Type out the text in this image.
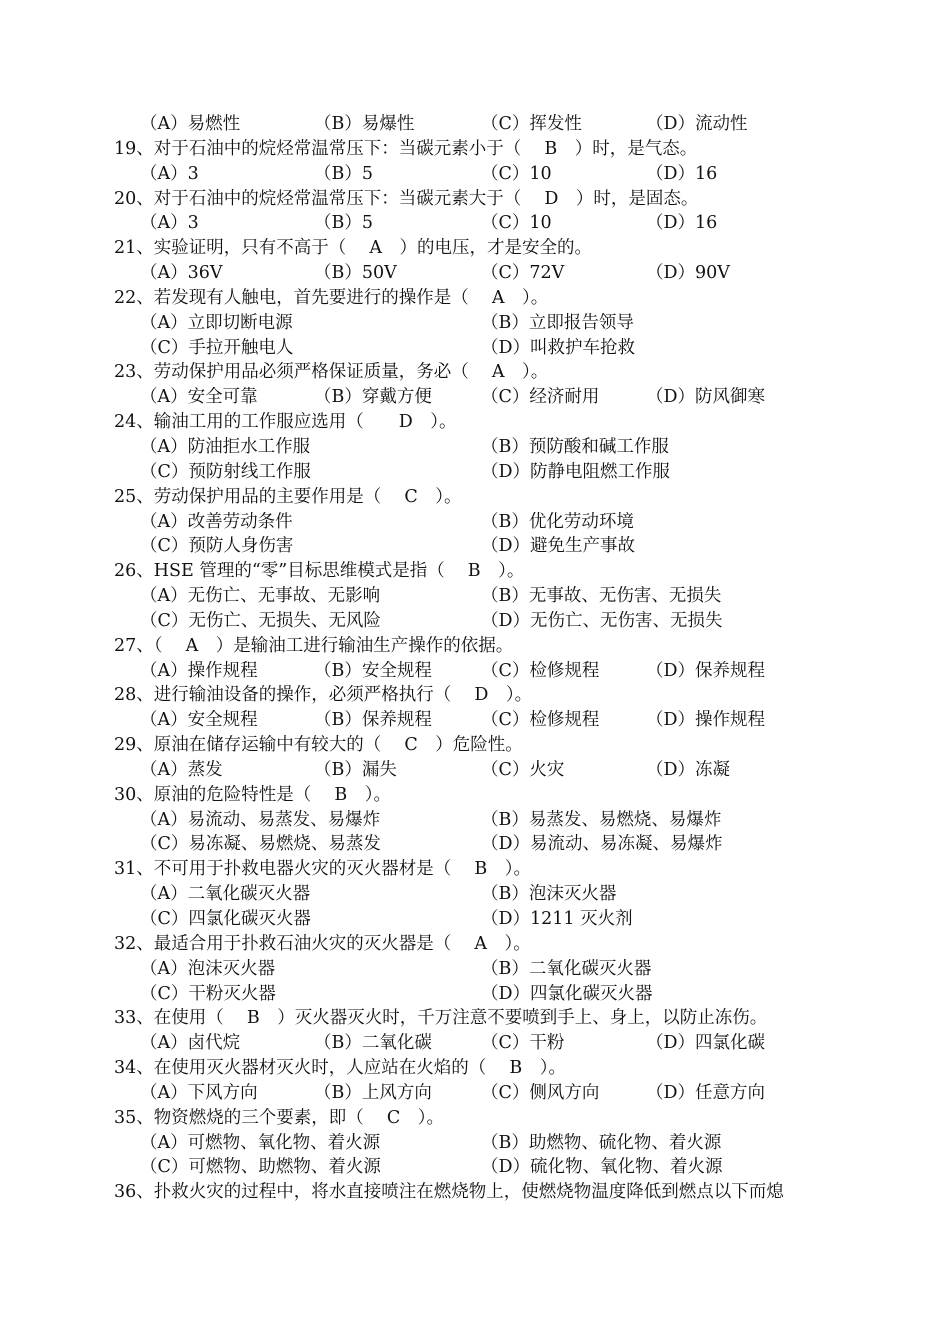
（A）易燃性	（B）易爆性	（C）挥发性	（D）流动性
19、对于石油中的烷烃常温常压下：当碳元素小于（　 B　）时，是气态。
（A）3	（B）5	（C）10	（D）16
20、对于石油中的烷烃常温常压下：当碳元素大于（　 D　）时，是固态。
（A）3	（B）5	（C）10	（D）16
21、实验证明，只有不高于（　 A　）的电压，才是安全的。
（A）36V	（B）50V	（C）72V	（D）90V
22、若发现有人触电，首先要进行的操作是（　 A　）。
（A）立即切断电源	（B）立即报告领导
（C）手拉开触电人	（D）叫救护车抢救
23、劳动保护用品必须严格保证质量，务必（　 A　）。
（A）安全可靠	（B）穿戴方便	（C）经济耐用	（D）防风御寒
24、输油工用的工作服应选用（　　D　）。
（A）防油拒水工作服	（B）预防酸和碱工作服
（C）预防射线工作服	（D）防静电阻燃工作服
25、劳动保护用品的主要作用是（　 C　）。
（A）改善劳动条件	（B）优化劳动环境
（C）预防人身伤害	（D）避免生产事故
26、HSE 管理的“零”目标思维模式是指（　 B　）。
（A）无伤亡、无事故、无影响	（B）无事故、无伤害、无损失
（C）无伤亡、无损失、无风险	（D）无伤亡、无伤害、无损失
27、（　 A　）是输油工进行输油生产操作的依据。
（A）操作规程	（B）安全规程	（C）检修规程	（D）保养规程
28、进行输油设备的操作，必须严格执行（　 D　）。
（A）安全规程	（B）保养规程	（C）检修规程	（D）操作规程
29、原油在储存运输中有较大的（　 C　）危险性。
（A）蒸发	（B）漏失	（C）火灾	（D）冻凝
30、原油的危险特性是（　 B　）。
（A）易流动、易蒸发、易爆炸	（B）易蒸发、易燃烧、易爆炸
（C）易冻凝、易燃烧、易蒸发	（D）易流动、易冻凝、易爆炸
31、不可用于扑救电器火灾的灭火器材是（　 B　）。
（A）二氧化碳灭火器	（B）泡沫灭火器
（C）四氯化碳灭火器	（D）1211 灭火剂
32、最适合用于扑救石油火灾的灭火器是（　 A　）。
（A）泡沫灭火器	（B）二氧化碳灭火器
（C）干粉灭火器	（D）四氯化碳灭火器
33、在使用（　 B　）灭火器灭火时，千万注意不要喷到手上、身上，以防止冻伤。
（A）卤代烷	（B）二氧化碳	（C）干粉	（D）四氯化碳
34、在使用灭火器材灭火时，人应站在火焰的（　 B　）。
（A）下风方向	（B）上风方向	（C）侧风方向	（D）任意方向
35、物资燃烧的三个要素，即（　 C　）。
（A）可燃物、氧化物、着火源	（B）助燃物、硫化物、着火源
（C）可燃物、助燃物、着火源	（D）硫化物、氧化物、着火源
36、扑救火灾的过程中，将水直接喷注在燃烧物上，使燃烧物温度降低到燃点以下而熄
